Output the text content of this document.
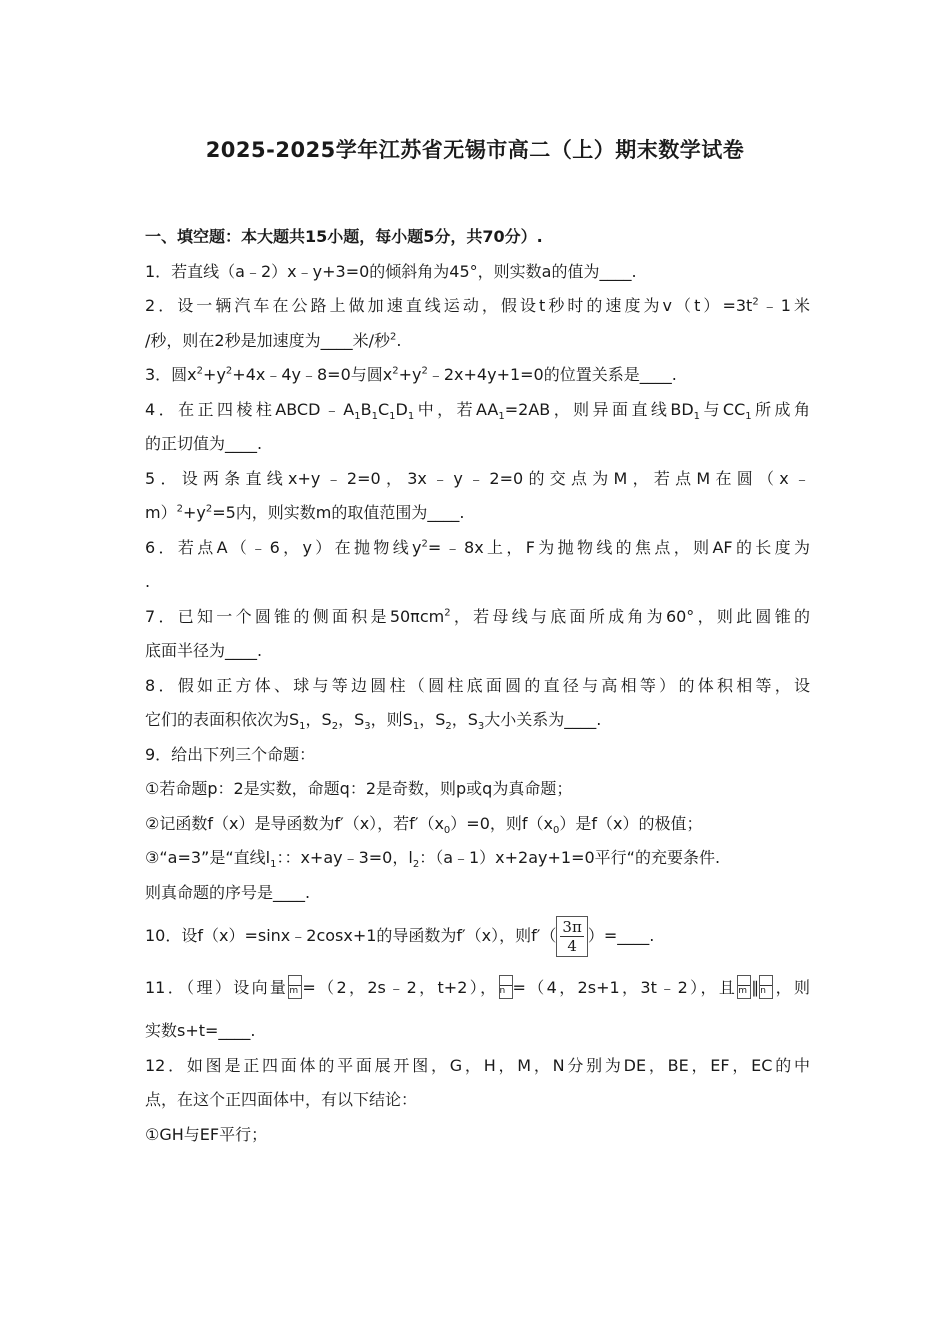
2025-2025学年江苏省无锡市高二（上）期末数学试卷
一、填空题：本大题共15小题，每小题5分，共70分）.
1．若直线（a﹣2）x﹣y+3=0的倾斜角为45°，则实数a的值为____.
2．设一辆汽车在公路上做加速直线运动，假设t秒时的速度为$v(t)=3t^2﹣1$米
/秒，则在2秒是加速度为____米/秒$^2$.
3．圆$x^2+y^2+4x﹣4y﹣8=0$与圆$x^2+y^2﹣2x+4y+1=0$的位置关系是____.
4．在正四棱柱$ABCD﹣A_1B_1C_1D_1$中，若$AA_1=2AB$，则异面直线$BD_1$与$CC_1$所成角
的正切值为____.
5．设两条直线x+y﹣2=0，3x﹣y﹣2=0的交点为M，若点M在圆（x﹣
$m)^2+y^2=5$内，则实数m的取值范围为____.
6．若点A（﹣6，y）在抛物线$y^2=﹣8x$上，F为抛物线的焦点，则AF的长度为
.
7．已知一个圆锥的侧面积是50πcm$^2$，若母线与底面所成角为60°，则此圆锥的
底面半径为____.
8．假如正方体、球与等边圆柱（圆柱底面圆的直径与高相等）的体积相等，设
它们的表面积依次为$S_1$，$S_2$，$S_3$，则$S_1$，$S_2$，$S_3$大小关系为____.
9．给出下列三个命题：
①若命题p：2是实数，命题q：2是奇数，则p或q为真命题；
②记函数f（x）是导函数为f′（x），若$f'(x_0)=0$，则$f(x_0)$是f（x）的极值；
③“a=3”是“直线$l_1$：：x+ay﹣3=0，$l_2$：（a﹣1）x+2ay+1=0平行“的充要条件.
则真命题的序号是____.
10．设f（x）=sinx﹣2cosx+1的导函数为f′（x），则$f'( \frac{3\pi}{4}$ ）=____.
11．（理）设向量 m =（2，2s﹣2，t+2）， n =（4，2s+1，3t﹣2），且 m ∥ n ，则
实数s+t=____.
12．如图是正四面体的平面展开图，G，H，M，N分别为DE，BE，EF，EC的中
点，在这个正四面体中，有以下结论：
①GH与EF平行；
